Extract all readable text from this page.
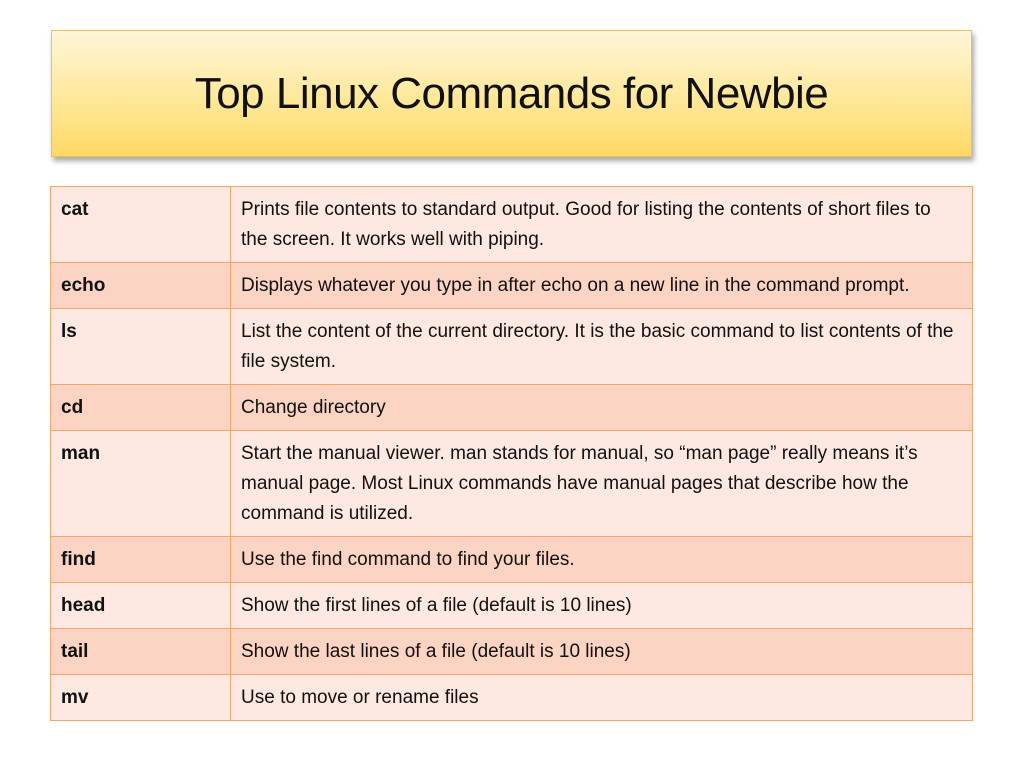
Top Linux Commands for Newbie
cat	Prints file contents to standard output. Good for listing the contents of short files to the screen. It works well with piping.
echo	Displays whatever you type in after echo on a new line in the command prompt.
ls	List the content of the current directory. It is the basic command to list contents of the file system.
cd	Change directory
man	Start the manual viewer. man stands for manual, so “man page” really means it’s manual page. Most Linux commands have manual pages that describe how the command is utilized.
find	Use the find command to find your files.
head	Show the first lines of a file (default is 10 lines)
tail	Show the last lines of a file (default is 10 lines)
mv	Use to move or rename files
